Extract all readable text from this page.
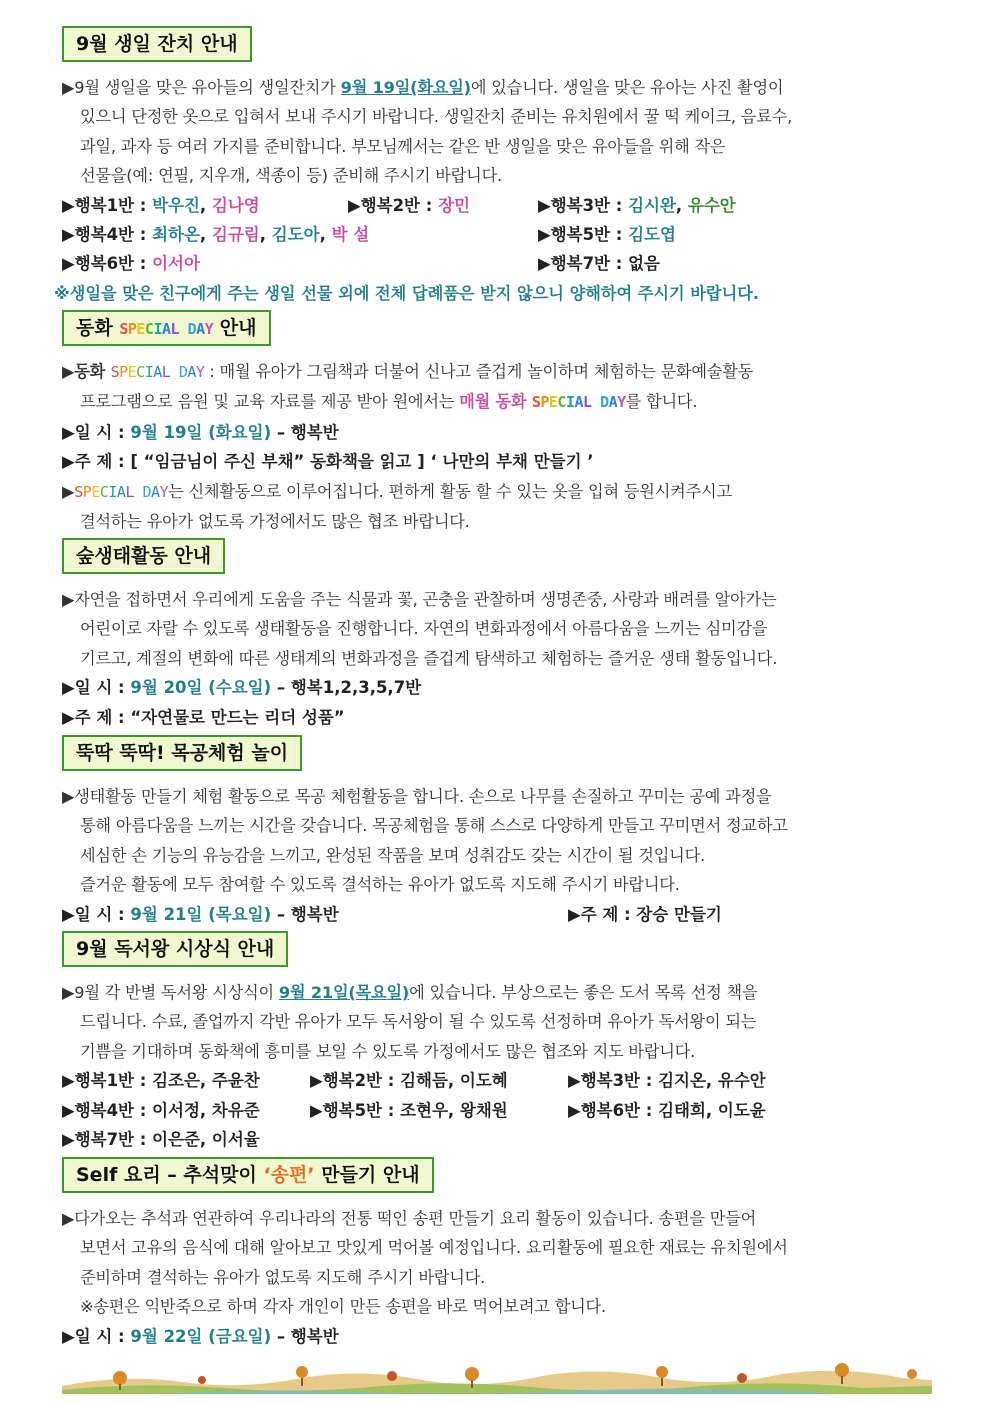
9월 생일 잔치 안내

▶9월 생일을 맞은 유아들의 생일잔치가 9월 19일(화요일)에 있습니다. 생일을 맞은 유아는 사진 촬영이

있으니 단정한 옷으로 입혀서 보내 주시기 바랍니다. 생일잔치 준비는 유치원에서 꿀 떡 케이크, 음료수,

과일, 과자 등 여러 가지를 준비합니다. 부모님께서는 같은 반 생일을 맞은 유아들을 위해 작은

선물을(예: 연필, 지우개, 색종이 등) 준비해 주시기 바랍니다.

▶행복1반 : 박우진, 김나영	▶행복2반 : 장민	▶행복3반 : 김시완, 유수안
▶행복4반 : 최하온, 김규림, 김도아, 박 설	▶행복5반 : 김도엽
▶행복6반 : 이서아	▶행복7반 : 없음
※생일을 맞은 친구에게 주는 생일 선물 외에 전체 답례품은 받지 않으니 양해하여 주시기 바랍니다.
동화 SPECIAL DAY 안내

▶동화 SPECIAL DAY : 매월 유아가 그림책과 더불어 신나고 즐겁게 놀이하며 체험하는 문화예술활동

프로그램으로 음원 및 교육 자료를 제공 받아 원에서는 매월 동화 SPECIAL DAY를 합니다.

▶일 시 : 9월 19일 (화요일) – 행복반
▶주 제 : [ “임금님이 주신 부채” 동화책을 읽고 ] ‘ 나만의 부채 만들기 ’

▶SPECIAL DAY는 신체활동으로 이루어집니다. 편하게 활동 할 수 있는 옷을 입혀 등원시켜주시고

결석하는 유아가 없도록 가정에서도 많은 협조 바랍니다.

숲생태활동 안내

▶자연을 접하면서 우리에게 도움을 주는 식물과 꽃, 곤충을 관찰하며 생명존중, 사랑과 배려를 알아가는

어린이로 자랄 수 있도록 생태활동을 진행합니다. 자연의 변화과정에서 아름다움을 느끼는 심미감을

기르고, 계절의 변화에 따른 생태계의 변화과정을 즐겁게 탐색하고 체험하는 즐거운 생태 활동입니다.

▶일 시 : 9월 20일 (수요일) – 행복1,2,3,5,7반
▶주 제 : “자연물로 만드는 리더 성품”
뚝딱 뚝딱! 목공체험 놀이

▶생태활동 만들기 체험 활동으로 목공 체험활동을 합니다. 손으로 나무를 손질하고 꾸미는 공예 과정을

통해 아름다움을 느끼는 시간을 갖습니다. 목공체험을 통해 스스로 다양하게 만들고 꾸미면서 정교하고

세심한 손 기능의 유능감을 느끼고, 완성된 작품을 보며 성취감도 갖는 시간이 될 것입니다.

즐거운 활동에 모두 참여할 수 있도록 결석하는 유아가 없도록 지도해 주시기 바랍니다.

▶일 시 : 9월 21일 (목요일) – 행복반	▶주 제 : 장승 만들기
9월 독서왕 시상식 안내

▶9월 각 반별 독서왕 시상식이 9월 21일(목요일)에 있습니다. 부상으로는 좋은 도서 목록 선정 책을

드립니다. 수료, 졸업까지 각반 유아가 모두 독서왕이 될 수 있도록 선정하며 유아가 독서왕이 되는

기쁨을 기대하며 동화책에 흥미를 보일 수 있도록 가정에서도 많은 협조와 지도 바랍니다.

▶행복1반 : 김조은, 주윤찬	▶행복2반 : 김해듬, 이도혜	▶행복3반 : 김지온, 유수안
▶행복4반 : 이서정, 차유준	▶행복5반 : 조현우, 왕채원	▶행복6반 : 김태희, 이도윤
▶행복7반 : 이은준, 이서율
Self 요리 – 추석맞이 ‘송편’ 만들기 안내

▶다가오는 추석과 연관하여 우리나라의 전통 떡인 송편 만들기 요리 활동이 있습니다. 송편을 만들어

보면서 고유의 음식에 대해 알아보고 맛있게 먹어볼 예정입니다. 요리활동에 필요한 재료는 유치원에서

준비하며 결석하는 유아가 없도록 지도해 주시기 바랍니다.

※송편은 익반죽으로 하며 각자 개인이 만든 송편을 바로 먹어보려고 합니다.

▶일 시 : 9월 22일 (금요일) – 행복반
